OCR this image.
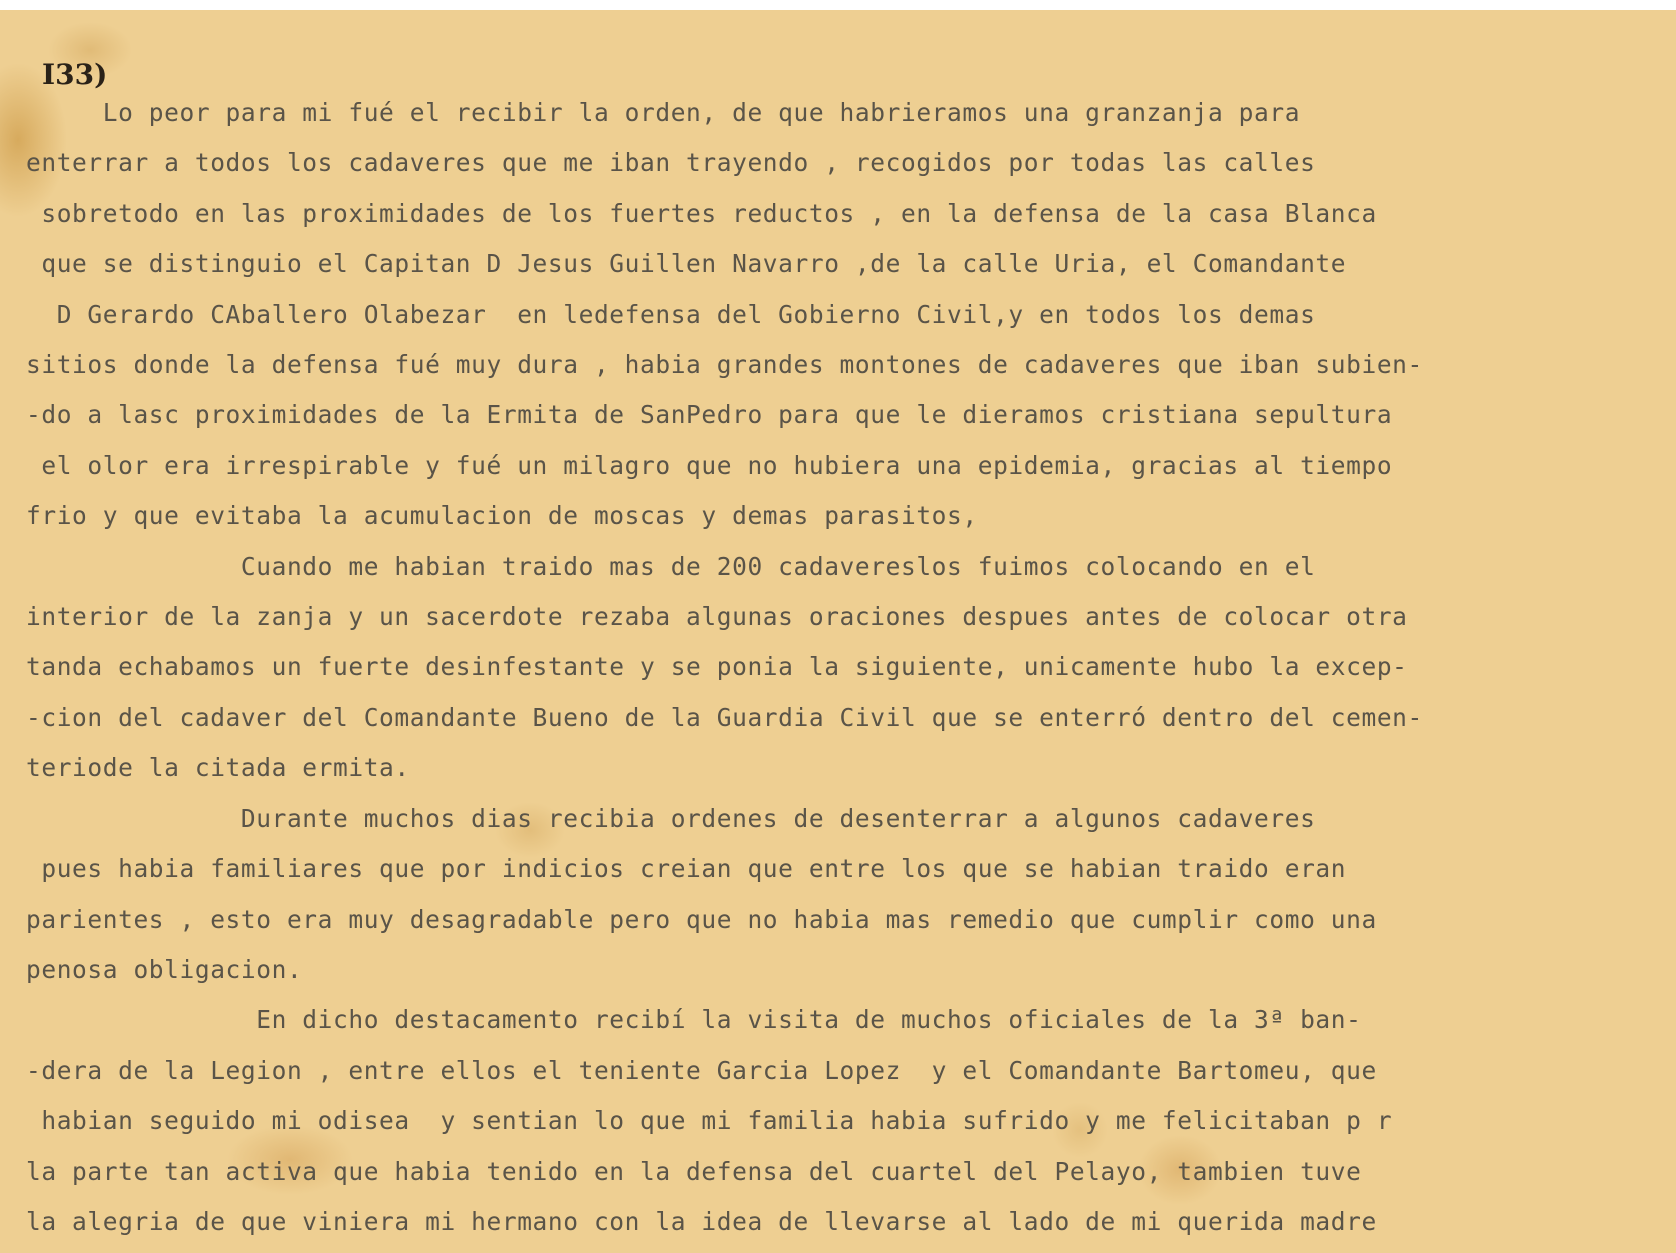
I33)

Lo peor para mi fué el recibir la orden, de que habrieramos una granzanja para
enterrar a todos los cadaveres que me iban trayendo , recogidos por todas las calles
sobretodo en las proximidades de los fuertes reductos , en la defensa de la casa Blanca
que se distinguio el Capitan D Jesus Guillen Navarro ,de la calle Uria, el Comandante
D Gerardo CAballero Olabezar  en ledefensa del Gobierno Civil,y en todos los demas
sitios donde la defensa fué muy dura , habia grandes montones de cadaveres que iban subien-
-do a lasc proximidades de la Ermita de SanPedro para que le dieramos cristiana sepultura
el olor era irrespirable y fué un milagro que no hubiera una epidemia, gracias al tiempo
frio y que evitaba la acumulacion de moscas y demas parasitos,
Cuando me habian traido mas de 200 cadavereslos fuimos colocando en el
interior de la zanja y un sacerdote rezaba algunas oraciones despues antes de colocar otra
tanda echabamos un fuerte desinfestante y se ponia la siguiente, unicamente hubo la excep-
-cion del cadaver del Comandante Bueno de la Guardia Civil que se enterró dentro del cemen-
teriode la citada ermita.
Durante muchos dias recibia ordenes de desenterrar a algunos cadaveres
pues habia familiares que por indicios creian que entre los que se habian traido eran
parientes , esto era muy desagradable pero que no habia mas remedio que cumplir como una
penosa obligacion.
En dicho destacamento recibí la visita de muchos oficiales de la 3ª ban-
-dera de la Legion , entre ellos el teniente Garcia Lopez  y el Comandante Bartomeu, que
habian seguido mi odisea  y sentian lo que mi familia habia sufrido y me felicitaban p r
la parte tan activa que habia tenido en la defensa del cuartel del Pelayo, tambien tuve
la alegria de que viniera mi hermano con la idea de llevarse al lado de mi querida madre
